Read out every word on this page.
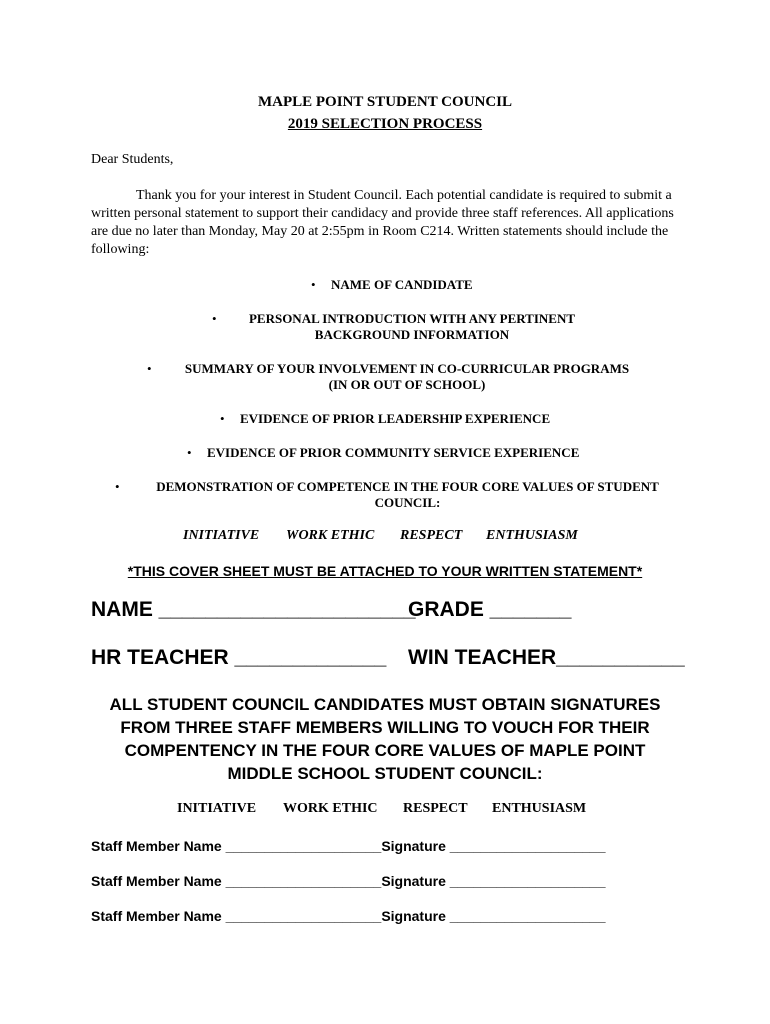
MAPLE POINT STUDENT COUNCIL
2019 SELECTION PROCESS
Dear Students,
Thank you for your interest in Student Council. Each potential candidate is required to submit a written personal statement to support their candidacy and provide three staff references. All applications are due no later than Monday, May 20 at 2:55pm in Room C214. Written statements should include the following:
•	NAME OF CANDIDATE
•	PERSONAL INTRODUCTION WITH ANY PERTINENT
BACKGROUND INFORMATION
•	SUMMARY OF YOUR INVOLVEMENT IN CO-CURRICULAR PROGRAMS
(IN OR OUT OF SCHOOL)
•	EVIDENCE OF PRIOR LEADERSHIP EXPERIENCE
•	EVIDENCE OF PRIOR COMMUNITY SERVICE EXPERIENCE
•	DEMONSTRATION OF COMPETENCE IN THE FOUR CORE VALUES OF STUDENT
COUNCIL:
INITIATIVE WORK ETHIC RESPECT ENTHUSIASM
*THIS COVER SHEET MUST BE ATTACHED TO YOUR WRITTEN STATEMENT*
NAME ______________________
GRADE _______
HR TEACHER _____________ WIN TEACHER___________
ALL STUDENT COUNCIL CANDIDATES MUST OBTAIN SIGNATURES
FROM THREE STAFF MEMBERS WILLING TO VOUCH FOR THEIR
COMPENTENCY IN THE FOUR CORE VALUES OF MAPLE POINT
MIDDLE SCHOOL STUDENT COUNCIL:
INITIATIVE WORK ETHIC RESPECT ENTHUSIASM
Staff Member Name ____________________Signature ____________________
Staff Member Name ____________________Signature ____________________
Staff Member Name ____________________Signature ____________________
